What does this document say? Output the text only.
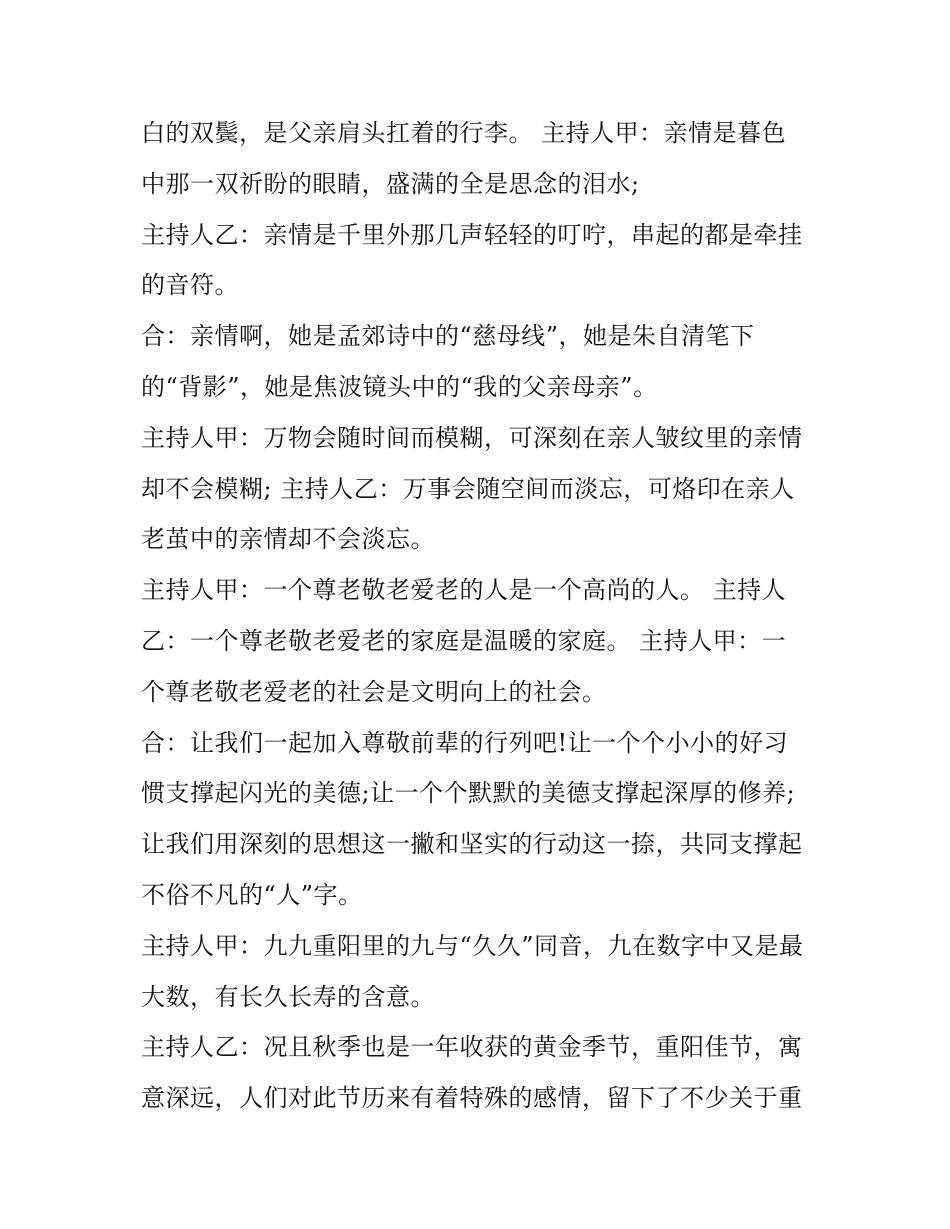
白的双鬓，是父亲肩头扛着的行李。 主持人甲：亲情是暮色
中那一双祈盼的眼睛，盛满的全是思念的泪水;
主持人乙：亲情是千里外那几声轻轻的叮咛，串起的都是牵挂
的音符。
合：亲情啊，她是孟郊诗中的“慈母线”，她是朱自清笔下
的“背影”，她是焦波镜头中的“我的父亲母亲”。
主持人甲：万物会随时间而模糊，可深刻在亲人皱纹里的亲情
却不会模糊; 主持人乙：万事会随空间而淡忘，可烙印在亲人
老茧中的亲情却不会淡忘。
主持人甲：一个尊老敬老爱老的人是一个高尚的人。 主持人
乙：一个尊老敬老爱老的家庭是温暖的家庭。 主持人甲：一
个尊老敬老爱老的社会是文明向上的社会。
合：让我们一起加入尊敬前辈的行列吧!让一个个小小的好习
惯支撑起闪光的美德;让一个个默默的美德支撑起深厚的修养;
让我们用深刻的思想这一撇和坚实的行动这一捺，共同支撑起
不俗不凡的“人”字。
主持人甲：九九重阳里的九与“久久”同音，九在数字中又是最
大数，有长久长寿的含意。
主持人乙：况且秋季也是一年收获的黄金季节，重阳佳节，寓
意深远，人们对此节历来有着特殊的感情，留下了不少关于重
